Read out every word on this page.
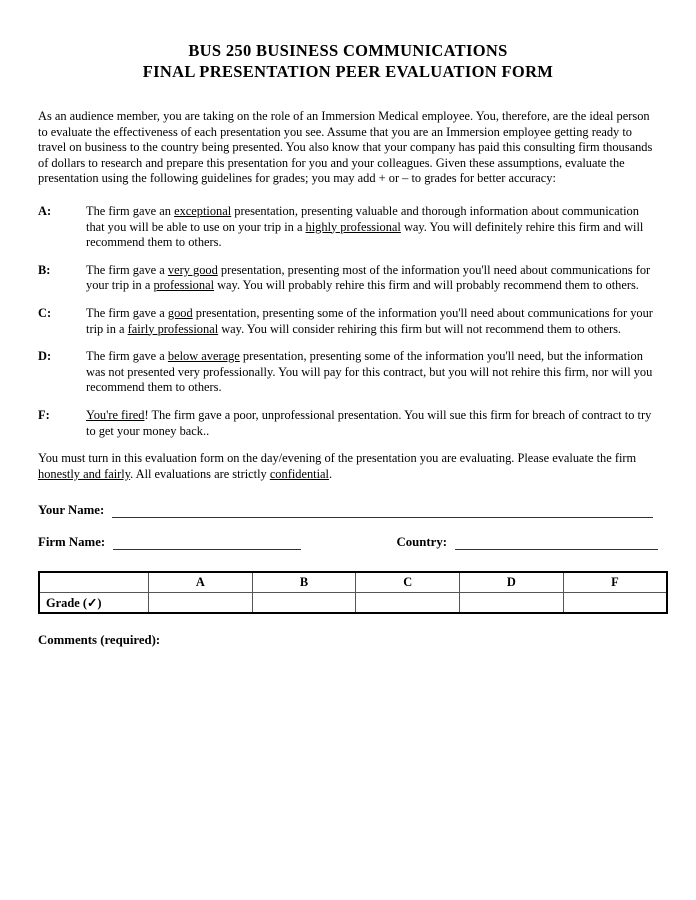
BUS 250 BUSINESS COMMUNICATIONS
FINAL PRESENTATION PEER EVALUATION FORM

As an audience member, you are taking on the role of an Immersion Medical employee. You, therefore, are the ideal person to evaluate the effectiveness of each presentation you see. Assume that you are an Immersion employee getting ready to travel on business to the country being presented. You also know that your company has paid this consulting firm thousands of dollars to research and prepare this presentation for you and your colleagues. Given these assumptions, evaluate the presentation using the following guidelines for grades; you may add + or – to grades for better accuracy:

A:	The firm gave an exceptional presentation, presenting valuable and thorough information about communication that you will be able to use on your trip in a highly professional way. You will definitely rehire this firm and will recommend them to others.
B:	The firm gave a very good presentation, presenting most of the information you'll need about communications for your trip in a professional way. You will probably rehire this firm and will probably recommend them to others.
C:	The firm gave a good presentation, presenting some of the information you'll need about communications for your trip in a fairly professional way. You will consider rehiring this firm but will not recommend them to others.
D:	The firm gave a below average presentation, presenting some of the information you'll need, but the information was not presented very professionally. You will pay for this contract, but you will not rehire this firm, nor will you recommend them to others.
F:	You're fired! The firm gave a poor, unprofessional presentation. You will sue this firm for breach of contract to try to get your money back..

You must turn in this evaluation form on the day/evening of the presentation you are evaluating. Please evaluate the firm honestly and fairly. All evaluations are strictly confidential.

Your Name:
Firm Name:	Country:
	A	B	C	D	F
Grade (✓)					
Comments (required):
